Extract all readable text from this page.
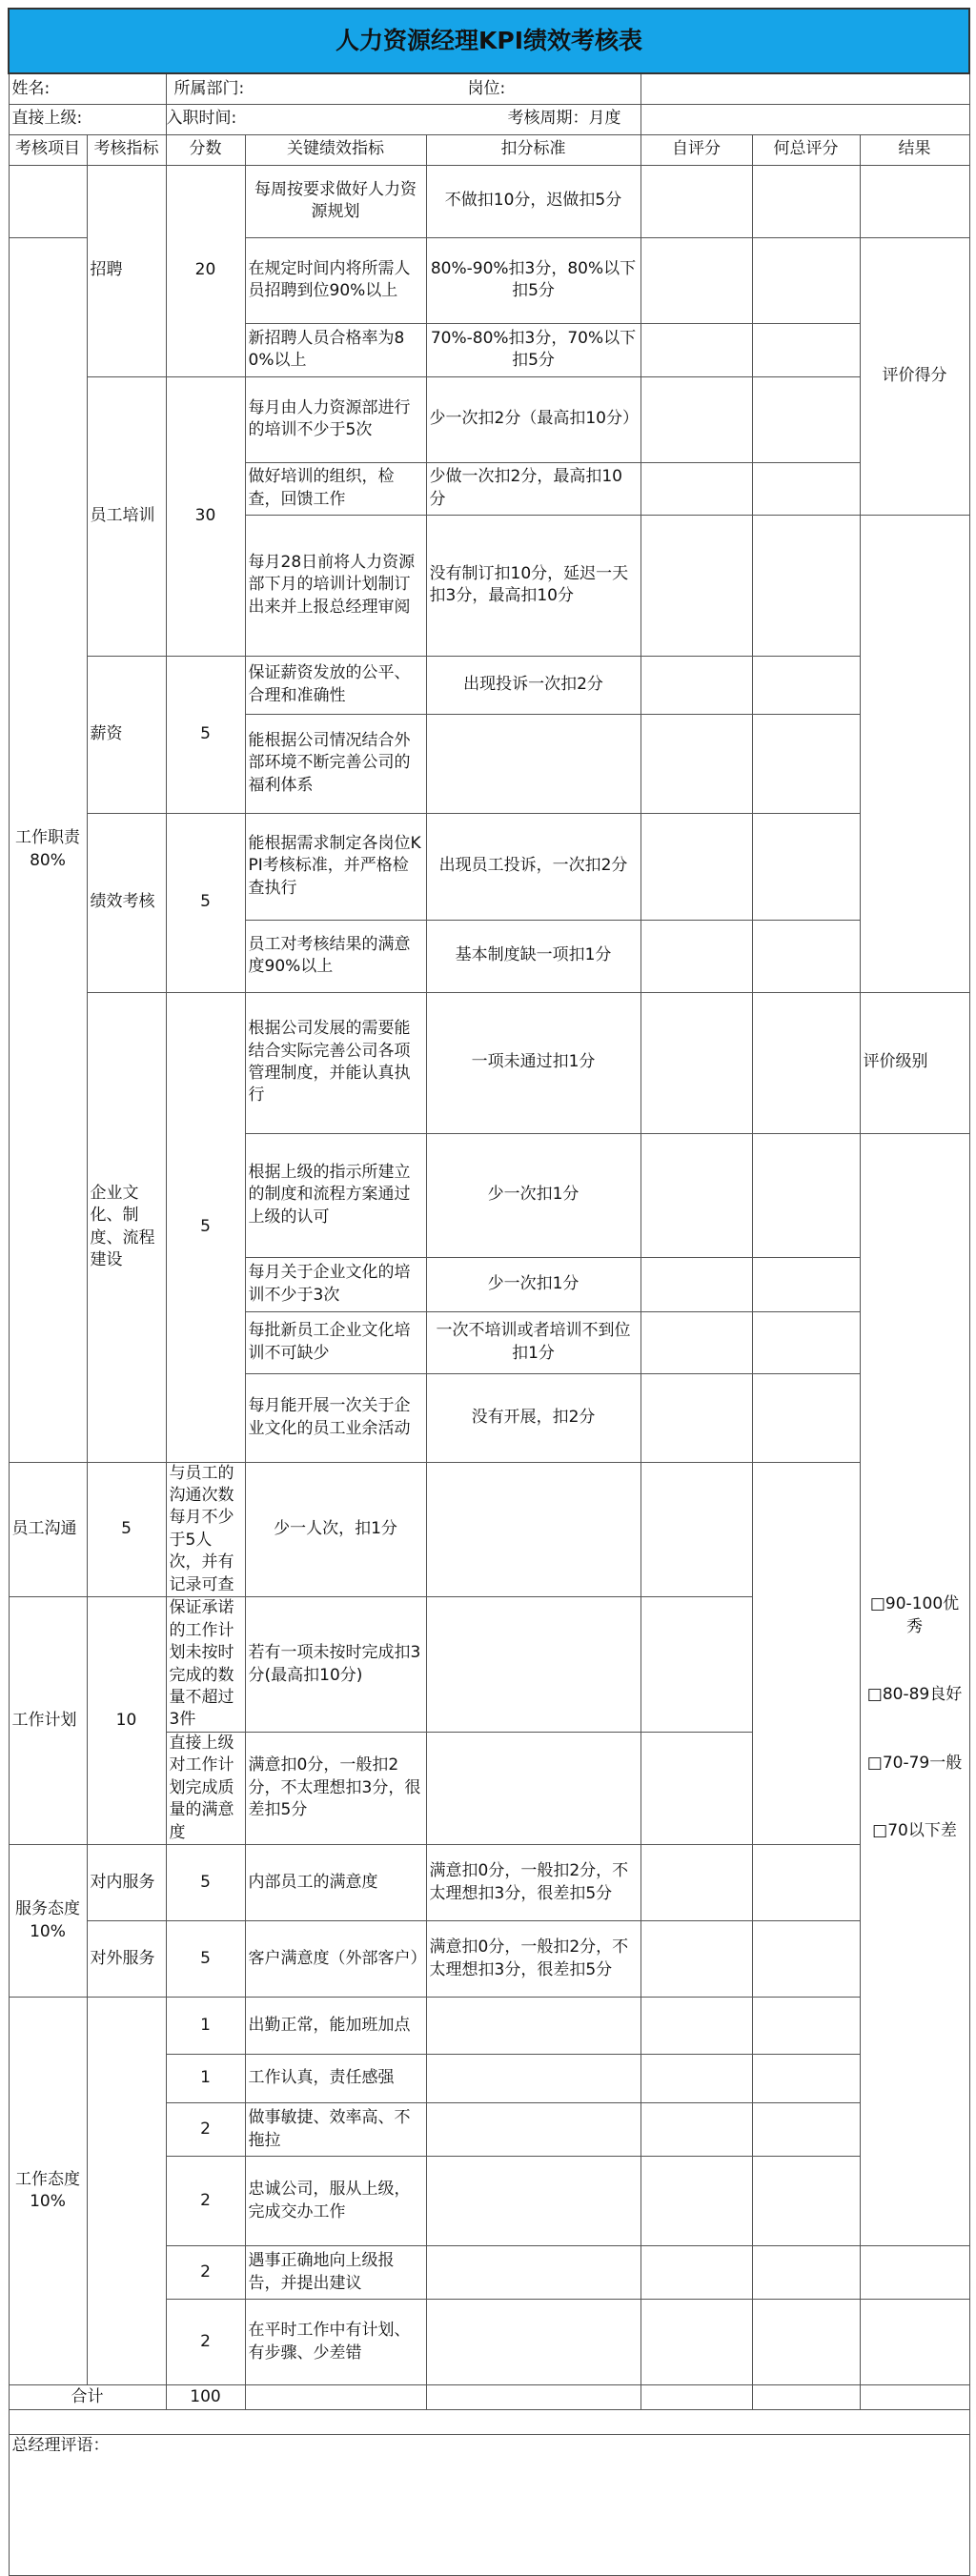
人力资源经理KPI绩效考核表								
姓名:		所属部门:			岗位:			
直接上级:		入职时间:			考核周期：月度			
考核项目	考核指标	分数	关键绩效指标	扣分标准	自评分	何总评分	结果	
	招聘	20	每周按要求做好人力资源规划	不做扣10分，迟做扣5分				
工作职责80%			在规定时间内将所需人员招聘到位90%以上	80%-90%扣3分，80%以下扣5分			评价得分	
			新招聘人员合格率为80%以上	70%-80%扣3分，70%以下扣5分				
	员工培训	30	每月由人力资源部进行的培训不少于5次	少一次扣2分（最高扣10分）				
			做好培训的组织，检查，回馈工作	少做一次扣2分，最高扣10分				
			每月28日前将人力资源部下月的培训计划制订出来并上报总经理审阅	没有制订扣10分，延迟一天扣3分，最高扣10分				
	薪资	5	保证薪资发放的公平、合理和准确性	出现投诉一次扣2分				
			能根据公司情况结合外部环境不断完善公司的福利体系					
	绩效考核	5	能根据需求制定各岗位KPI考核标准，并严格检查执行	出现员工投诉，一次扣2分				
			员工对考核结果的满意度90%以上	基本制度缺一项扣1分				
	企业文化、制度、流程建设	5	根据公司发展的需要能结合实际完善公司各项管理制度，并能认真执行	一项未通过扣1分			评价级别	
			根据上级的指示所建立的制度和流程方案通过上级的认可	少一次扣1分			□90-100优秀
□80-89良好
□70-79一般
□70以下差	

			每月关于企业文化的培训不少于3次	少一次扣1分				
			每批新员工企业文化培训不可缺少	一次不培训或者培训不到位扣1分				
			每月能开展一次关于企业文化的员工业余活动	没有开展，扣2分				
员工沟通	5	与员工的沟通次数每月不少于5人次，并有记录可查	少一人次，扣1分					
工作计划	10	保证承诺的工作计划未按时完成的数量不超过3件	若有一项未按时完成扣3分(最高扣10分)					
		直接上级对工作计划完成质量的满意度	满意扣0分，一般扣2分，不太理想扣3分，很差扣5分					
服务态度10%	对内服务	5	内部员工的满意度	满意扣0分，一般扣2分，不太理想扣3分，很差扣5分				
	对外服务	5	客户满意度（外部客户）	满意扣0分，一般扣2分，不太理想扣3分，很差扣5分				
工作态度10%		1	出勤正常，能加班加点					
		1	工作认真，责任感强					
		2	做事敏捷、效率高、不拖拉					
		2	忠诚公司，服从上级，完成交办工作					
		2	遇事正确地向上级报告，并提出建议					
		2	在平时工作中有计划、有步骤、少差错					
合计		100						

总经理评语：								
